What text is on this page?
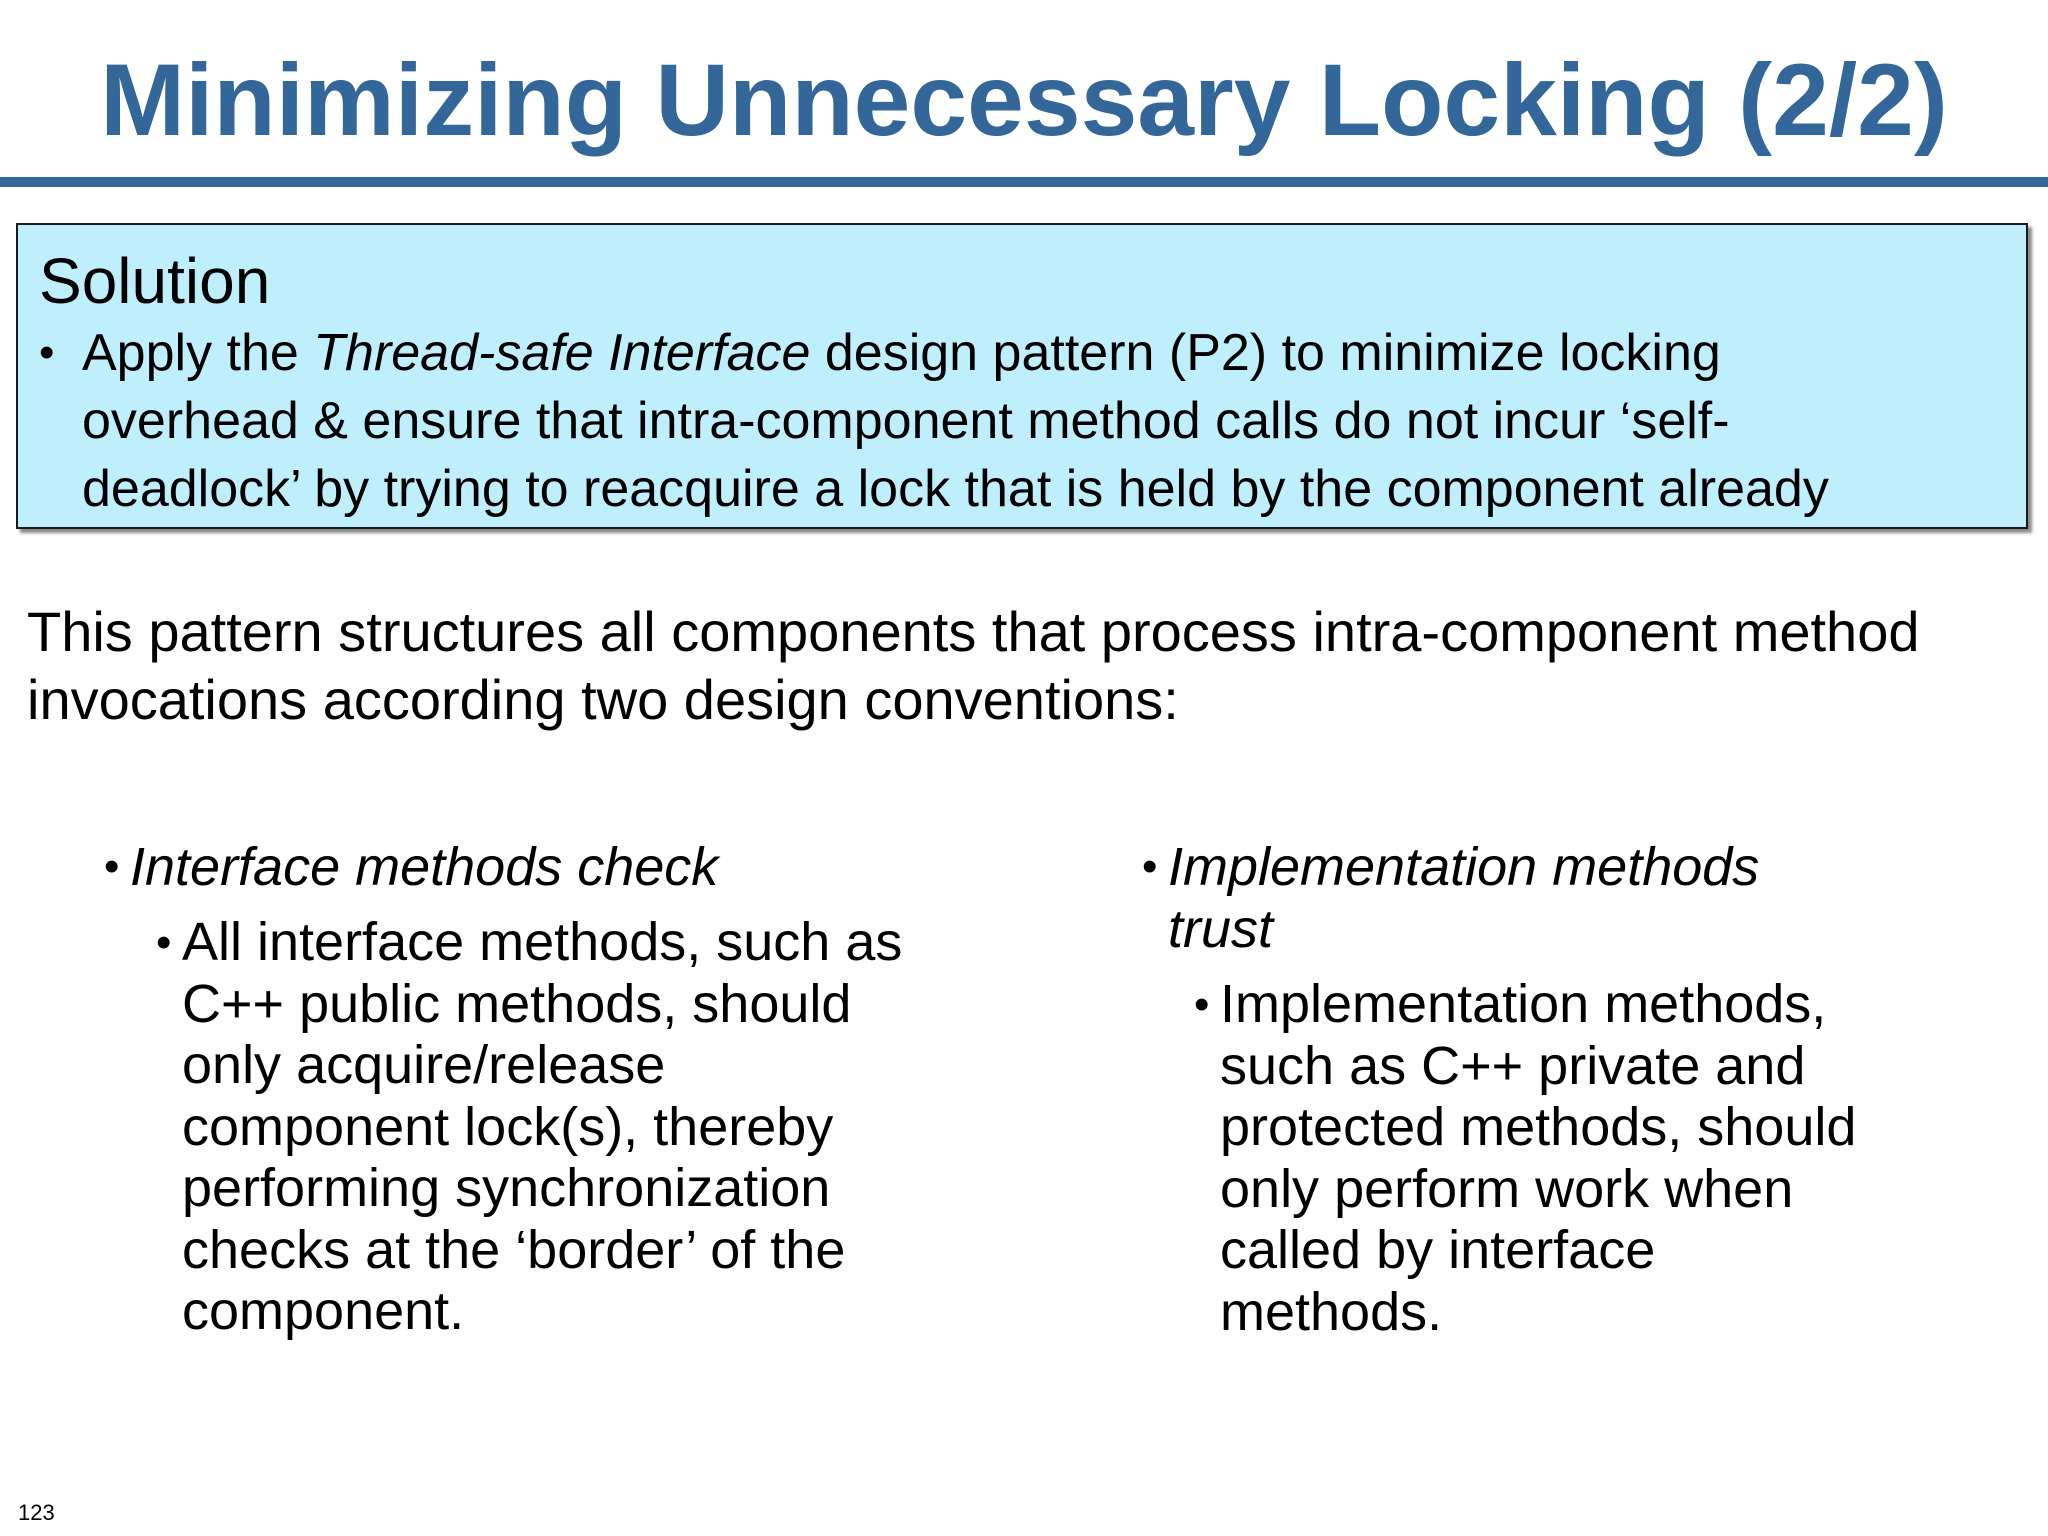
Minimizing Unnecessary Locking (2/2)
Solution
• Apply the Thread-safe Interface design pattern (P2) to minimize locking
overhead & ensure that intra-component method calls do not incur ‘self-
deadlock’ by trying to reacquire a lock that is held by the component already
This pattern structures all components that process intra-component method
invocations according two design conventions:
• Interface methods check
• All interface methods, such as
C++ public methods, should
only acquire/release
component lock(s), thereby
performing synchronization
checks at the ‘border’ of the
component.
• Implementation methods
trust
• Implementation methods,
such as C++ private and
protected methods, should
only perform work when
called by interface
methods.
123
